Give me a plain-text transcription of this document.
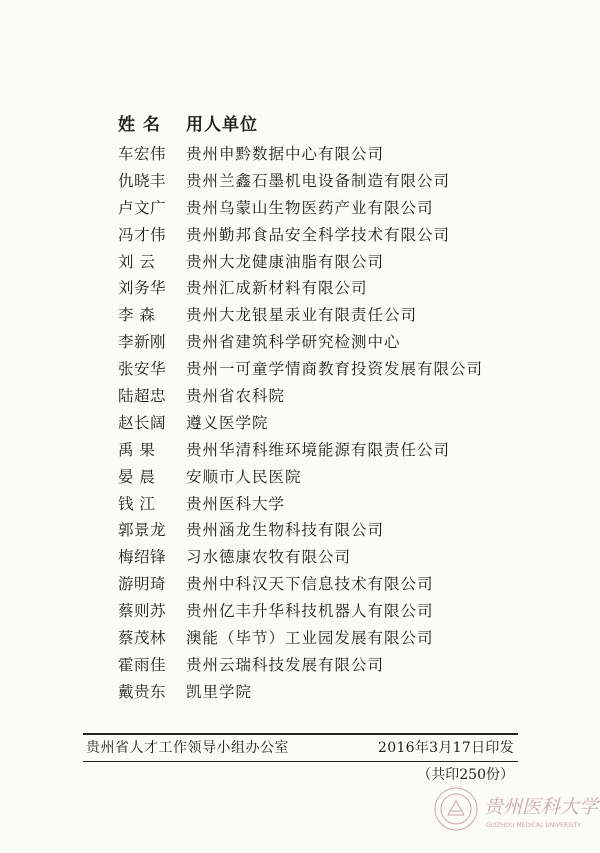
姓 名 用人单位
车宏伟 贵州申黔数据中心有限公司
仇晓丰 贵州兰鑫石墨机电设备制造有限公司
卢文广 贵州乌蒙山生物医药产业有限公司
冯才伟 贵州勤邦食品安全科学技术有限公司
刘 云 贵州大龙健康油脂有限公司
刘务华 贵州汇成新材料有限公司
李 森 贵州大龙银星汞业有限责任公司
李新刚 贵州省建筑科学研究检测中心
张安华 贵州一可童学情商教育投资发展有限公司
陆超忠 贵州省农科院
赵长阔 遵义医学院
禹 果 贵州华清科维环境能源有限责任公司
晏 晨 安顺市人民医院
钱 江 贵州医科大学
郭景龙 贵州涵龙生物科技有限公司
梅绍锋 习水德康农牧有限公司
游明琦 贵州中科汉天下信息技术有限公司
蔡则苏 贵州亿丰升华科技机器人有限公司
蔡茂林 澳能（毕节）工业园发展有限公司
霍雨佳 贵州云瑞科技发展有限公司
戴贵东 凯里学院
贵州省人才工作领导小组办公室	2016年3月17日印发
（共印250份）
贵州医科大学
GUIZHOU MEDICAL UNIVERSITY
